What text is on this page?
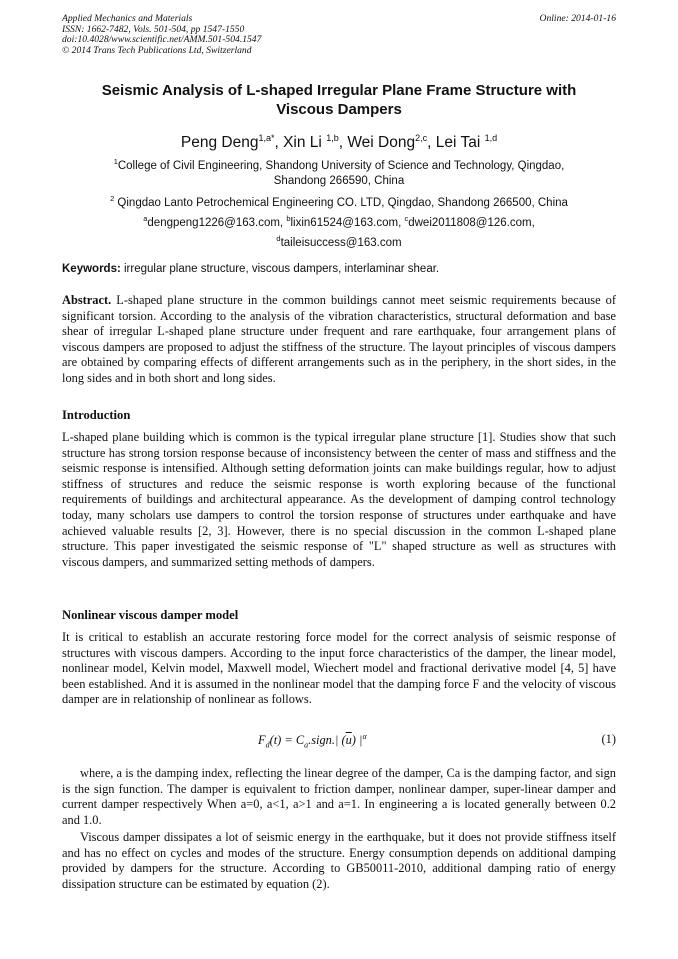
Applied Mechanics and Materials
ISSN: 1662-7482, Vols. 501-504, pp 1547-1550
doi:10.4028/www.scientific.net/AMM.501-504.1547
© 2014 Trans Tech Publications Ltd, Switzerland
Online: 2014-01-16
Seismic Analysis of L-shaped Irregular Plane Frame Structure with
Viscous Dampers
Peng Deng$^{1,a*}$, Xin Li $^{1,b}$, Wei Dong$^{2,c}$, Lei Tai $^{1,d}$
$^1$College of Civil Engineering, Shandong University of Science and Technology, Qingdao,
Shandong 266590, China
$^2$ Qingdao Lanto Petrochemical Engineering CO. LTD, Qingdao, Shandong 266500, China
$^a$dengpeng1226@163.com, $^b$lixin61524@163.com, $^c$dwei2011808@126.com,
$^d$taileisuccess@163.com
Keywords: irregular plane structure, viscous dampers, interlaminar shear.
Abstract. L-shaped plane structure in the common buildings cannot meet seismic requirements because of significant torsion. According to the analysis of the vibration characteristics, structural deformation and base shear of irregular L-shaped plane structure under frequent and rare earthquake, four arrangement plans of viscous dampers are proposed to adjust the stiffness of the structure. The layout principles of viscous dampers are obtained by comparing effects of different arrangements such as in the periphery, in the short sides, in the long sides and in both short and long sides.
Introduction
L-shaped plane building which is common is the typical irregular plane structure [1]. Studies show that such structure has strong torsion response because of inconsistency between the center of mass and stiffness and the seismic response is intensified. Although setting deformation joints can make buildings regular, how to adjust stiffness of structures and reduce the seismic response is worth exploring because of the functional requirements of buildings and architectural appearance. As the development of damping control technology today, many scholars use dampers to control the torsion response of structures under earthquake and have achieved valuable results [2, 3]. However, there is no special discussion in the common L-shaped plane structure. This paper investigated the seismic response of "L" shaped structure as well as structures with viscous dampers, and summarized setting methods of dampers.
Nonlinear viscous damper model
It is critical to establish an accurate restoring force model for the correct analysis of seismic response of structures with viscous dampers. According to the input force characteristics of the damper, the linear model, nonlinear model, Kelvin model, Maxwell model, Wiechert model and fractional derivative model [4, 5] have been established. And it is assumed in the nonlinear model that the damping force F and the velocity of viscous damper are in relationship of nonlinear as follows.
$F_d(t)$ = $C_a.sign.|$ $(\overline{u})$ $|^\alpha$	(1)
where, a is the damping index, reflecting the linear degree of the damper, Ca is the damping factor, and sign is the sign function. The damper is equivalent to friction damper, nonlinear damper, super-linear damper and current damper respectively When a=0, a<1, a>1 and a=1. In engineering a is located generally between 0.2 and 1.0.
Viscous damper dissipates a lot of seismic energy in the earthquake, but it does not provide stiffness itself and has no effect on cycles and modes of the structure. Energy consumption depends on additional damping provided by dampers for the structure. According to GB50011-2010, additional damping ratio of energy dissipation structure can be estimated by equation (2).
